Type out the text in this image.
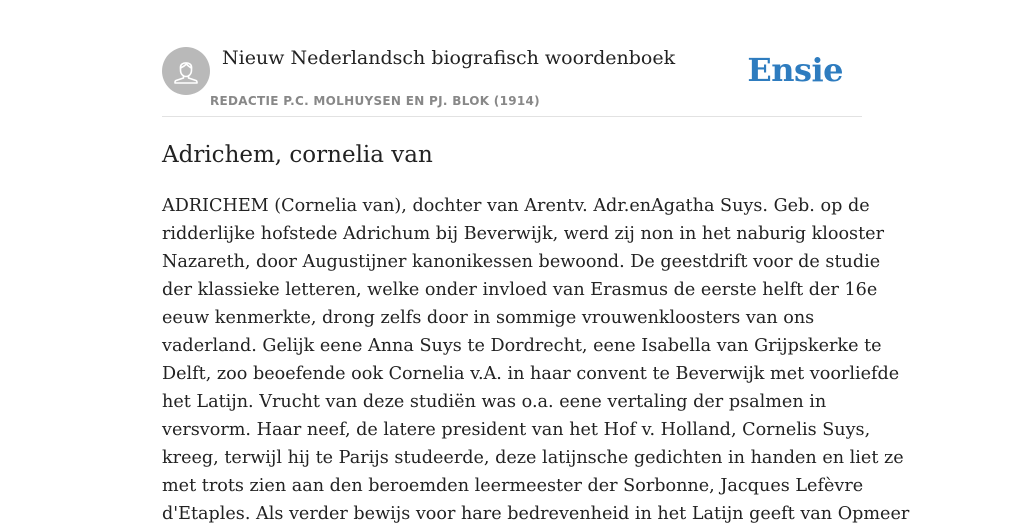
Nieuw Nederlandsch biografisch woordenboek
REDACTIE P.C. MOLHUYSEN EN PJ. BLOK (1914)
Ensie
Adrichem, cornelia van
ADRICHEM (Cornelia van), dochter van Arentv. Adr.enAgatha Suys. Geb. op de
ridderlijke hofstede Adrichum bij Beverwijk, werd zij non in het naburig klooster
Nazareth, door Augustijner kanonikessen bewoond. De geestdrift voor de studie
der klassieke letteren, welke onder invloed van Erasmus de eerste helft der 16e
eeuw kenmerkte, drong zelfs door in sommige vrouwenkloosters van ons
vaderland. Gelijk eene Anna Suys te Dordrecht, eene Isabella van Grijpskerke te
Delft, zoo beoefende ook Cornelia v.A. in haar convent te Beverwijk met voorliefde
het Latijn. Vrucht van deze studiën was o.a. eene vertaling der psalmen in
versvorm. Haar neef, de latere president van het Hof v. Holland, Cornelis Suys,
kreeg, terwijl hij te Parijs studeerde, deze latijnsche gedichten in handen en liet ze
met trots zien aan den beroemden leermeester der Sorbonne, Jacques Lefèvre
d'Etaples. Als verder bewijs voor hare bedrevenheid in het Latijn geeft van Opmeer
